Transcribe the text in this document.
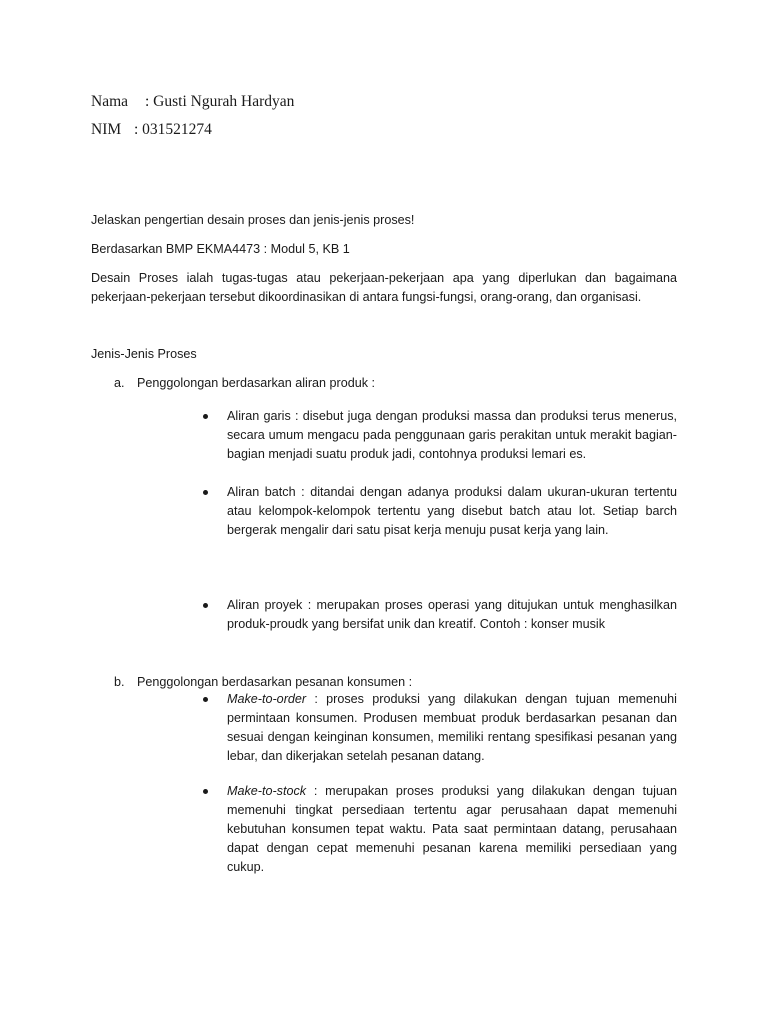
Nama : Gusti Ngurah Hardyan
NIM : 031521274
Jelaskan pengertian desain proses dan jenis-jenis proses!
Berdasarkan BMP EKMA4473 : Modul 5, KB 1
Desain Proses ialah tugas-tugas atau pekerjaan-pekerjaan apa yang diperlukan dan bagaimana
pekerjaan-pekerjaan tersebut dikoordinasikan di antara fungsi-fungsi, orang-orang, dan organisasi.
Jenis-Jenis Proses
a. Penggolongan berdasarkan aliran produk :
Aliran garis : disebut juga dengan produksi massa dan produksi terus menerus,
secara umum mengacu pada penggunaan garis perakitan untuk merakit bagian-
bagian menjadi suatu produk jadi, contohnya produksi lemari es.
Aliran batch : ditandai dengan adanya produksi dalam ukuran-ukuran tertentu
atau kelompok-kelompok tertentu yang disebut batch atau lot. Setiap barch
bergerak mengalir dari satu pisat kerja menuju pusat kerja yang lain.
Aliran proyek : merupakan proses operasi yang ditujukan untuk menghasilkan
produk-proudk yang bersifat unik dan kreatif. Contoh : konser musik
b. Penggolongan berdasarkan pesanan konsumen :
Make-to-order : proses produksi yang dilakukan dengan tujuan memenuhi
permintaan konsumen. Produsen membuat produk berdasarkan pesanan dan
sesuai dengan keinginan konsumen, memiliki rentang spesifikasi pesanan yang
lebar, dan dikerjakan setelah pesanan datang.
Make-to-stock : merupakan proses produksi yang dilakukan dengan tujuan
memenuhi tingkat persediaan tertentu agar perusahaan dapat memenuhi
kebutuhan konsumen tepat waktu. Pata saat permintaan datang, perusahaan
dapat dengan cepat memenuhi pesanan karena memiliki persediaan yang
cukup.
